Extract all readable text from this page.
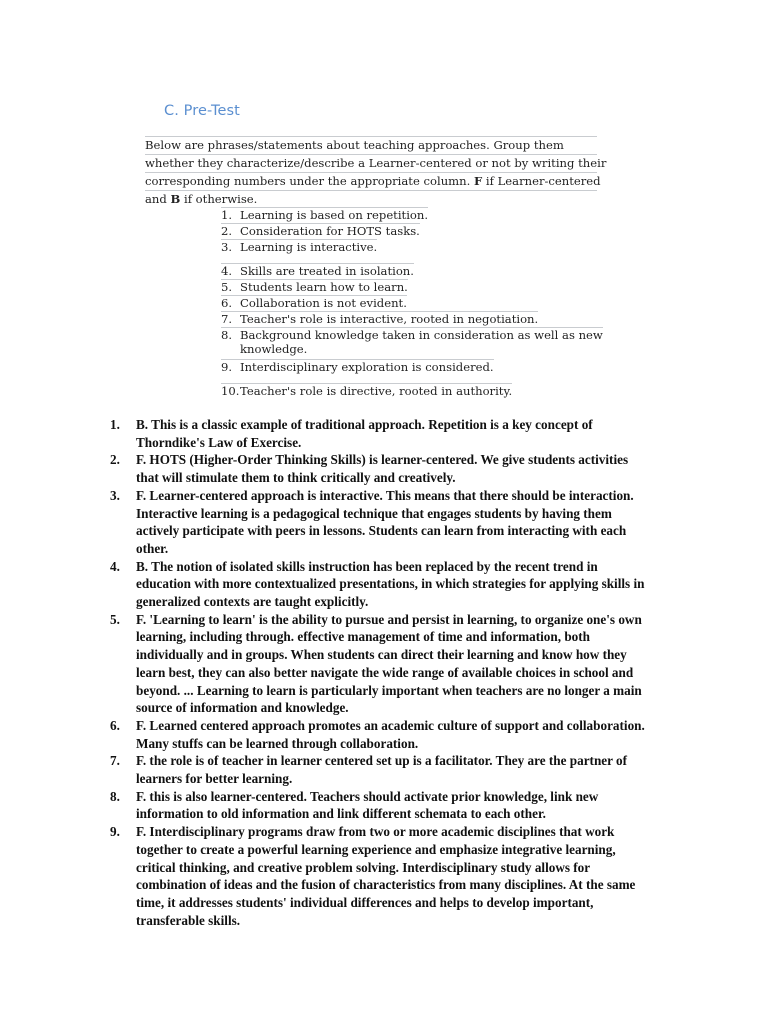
C. Pre-Test
Below are phrases/statements about teaching approaches. Group them
whether they characterize/describe a Learner-centered or not by writing their
corresponding numbers under the appropriate column. F if Learner-centered
and B if otherwise.
1. Learning is based on repetition.
2. Consideration for HOTS tasks.
3. Learning is interactive.
4. Skills are treated in isolation.
5. Students learn how to learn.
6. Collaboration is not evident.
7. Teacher's role is interactive, rooted in negotiation.
8. Background knowledge taken in consideration as well as new
knowledge.
9. Interdisciplinary exploration is considered.
10.Teacher's role is directive, rooted in authority.
1. B. This is a classic example of traditional approach. Repetition is a key concept of
Thorndike's Law of Exercise.
2. F. HOTS (Higher-Order Thinking Skills) is learner-centered. We give students activities
that will stimulate them to think critically and creatively.
3. F. Learner-centered approach is interactive. This means that there should be interaction.
Interactive learning is a pedagogical technique that engages students by having them
actively participate with peers in lessons. Students can learn from interacting with each
other.
4. B. The notion of isolated skills instruction has been replaced by the recent trend in
education with more contextualized presentations, in which strategies for applying skills in
generalized contexts are taught explicitly.
5. F. 'Learning to learn' is the ability to pursue and persist in learning, to organize one's own
learning, including through. effective management of time and information, both
individually and in groups. When students can direct their learning and know how they
learn best, they can also better navigate the wide range of available choices in school and
beyond. ... Learning to learn is particularly important when teachers are no longer a main
source of information and knowledge.
6. F. Learned centered approach promotes an academic culture of support and collaboration.
Many stuffs can be learned through collaboration.
7. F. the role is of teacher in learner centered set up is a facilitator. They are the partner of
learners for better learning.
8. F. this is also learner-centered. Teachers should activate prior knowledge, link new
information to old information and link different schemata to each other.
9. F. Interdisciplinary programs draw from two or more academic disciplines that work
together to create a powerful learning experience and emphasize integrative learning,
critical thinking, and creative problem solving. Interdisciplinary study allows for
combination of ideas and the fusion of characteristics from many disciplines. At the same
time, it addresses students' individual differences and helps to develop important,
transferable skills.
